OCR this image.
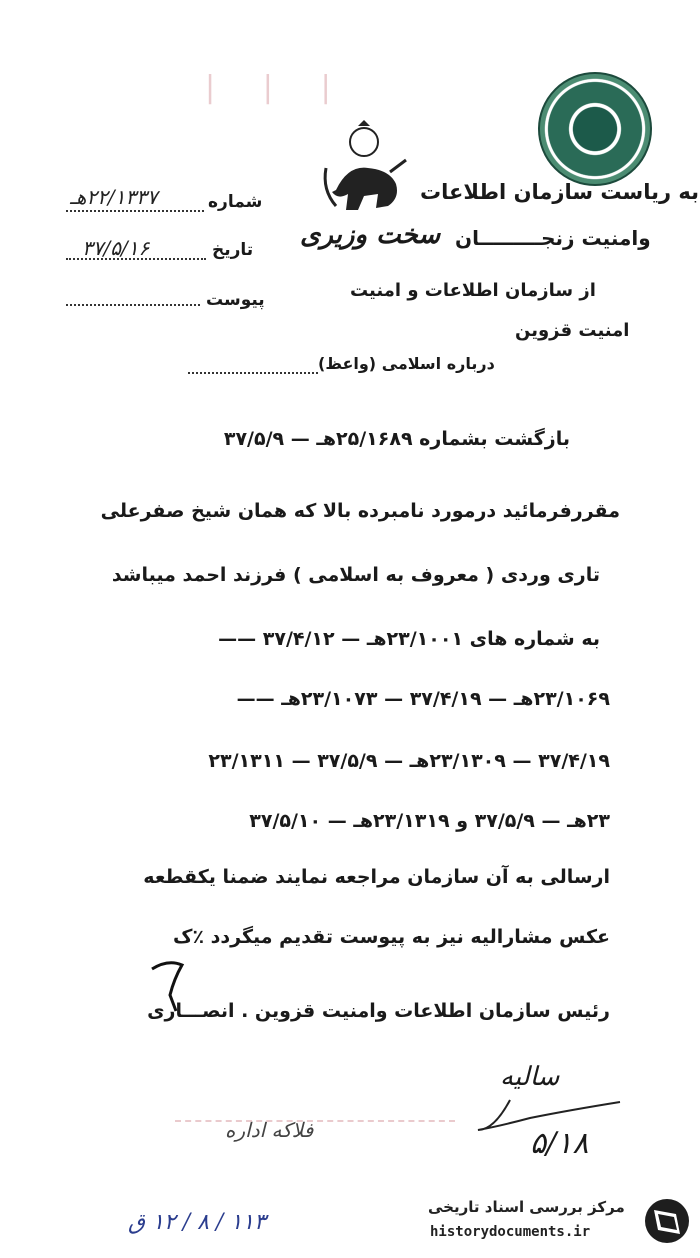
|     |     |
شماره
۲۲/۱۳۳۷هـ
تاریخ
۳۷/۵/۱۶
پیوست
به ریاست سازمان اطلاعات
وامنیت زنجـــــــــان
سخت وزیری
از سازمان اطلاعات و امنیت
امنیت قزوین
درباره اسلامی (واعظ)
بازگشت بشماره ۲۵/۱۶۸۹هـ — ۳۷/۵/۹
مقررفرمائید درمورد نامبرده بالا که همان شیخ صفرعلی
تاری وردی ( معروف به اسلامی ) فرزند احمد میباشد
به شماره های ۲۳/۱۰۰۱هـ — ۳۷/۴/۱۲ ——
۲۳/۱۰۶۹هـ — ۳۷/۴/۱۹ — ۲۳/۱۰۷۳هـ ——
۳۷/۴/۱۹ — ۲۳/۱۳۰۹هـ — ۳۷/۵/۹ — ۲۳/۱۳۱۱
۲۳هـ — ۳۷/۵/۹ و ۲۳/۱۳۱۹هـ — ۳۷/۵/۱۰
ارسالی به آن سازمان مراجعه نمایند ضمنا یکقطعه
عکس مشارالیه نیز به پیوست تقدیم میگردد ٪ک
رئیس سازمان اطلاعات وامنیت قزوین . انصـــاری
سالیه
۵/۱۸
فلاکه اداره
۱۱۳ / ۸ / ۱۲ ق
مرکز بررسی اسناد تاریخی
historydocuments.ir
